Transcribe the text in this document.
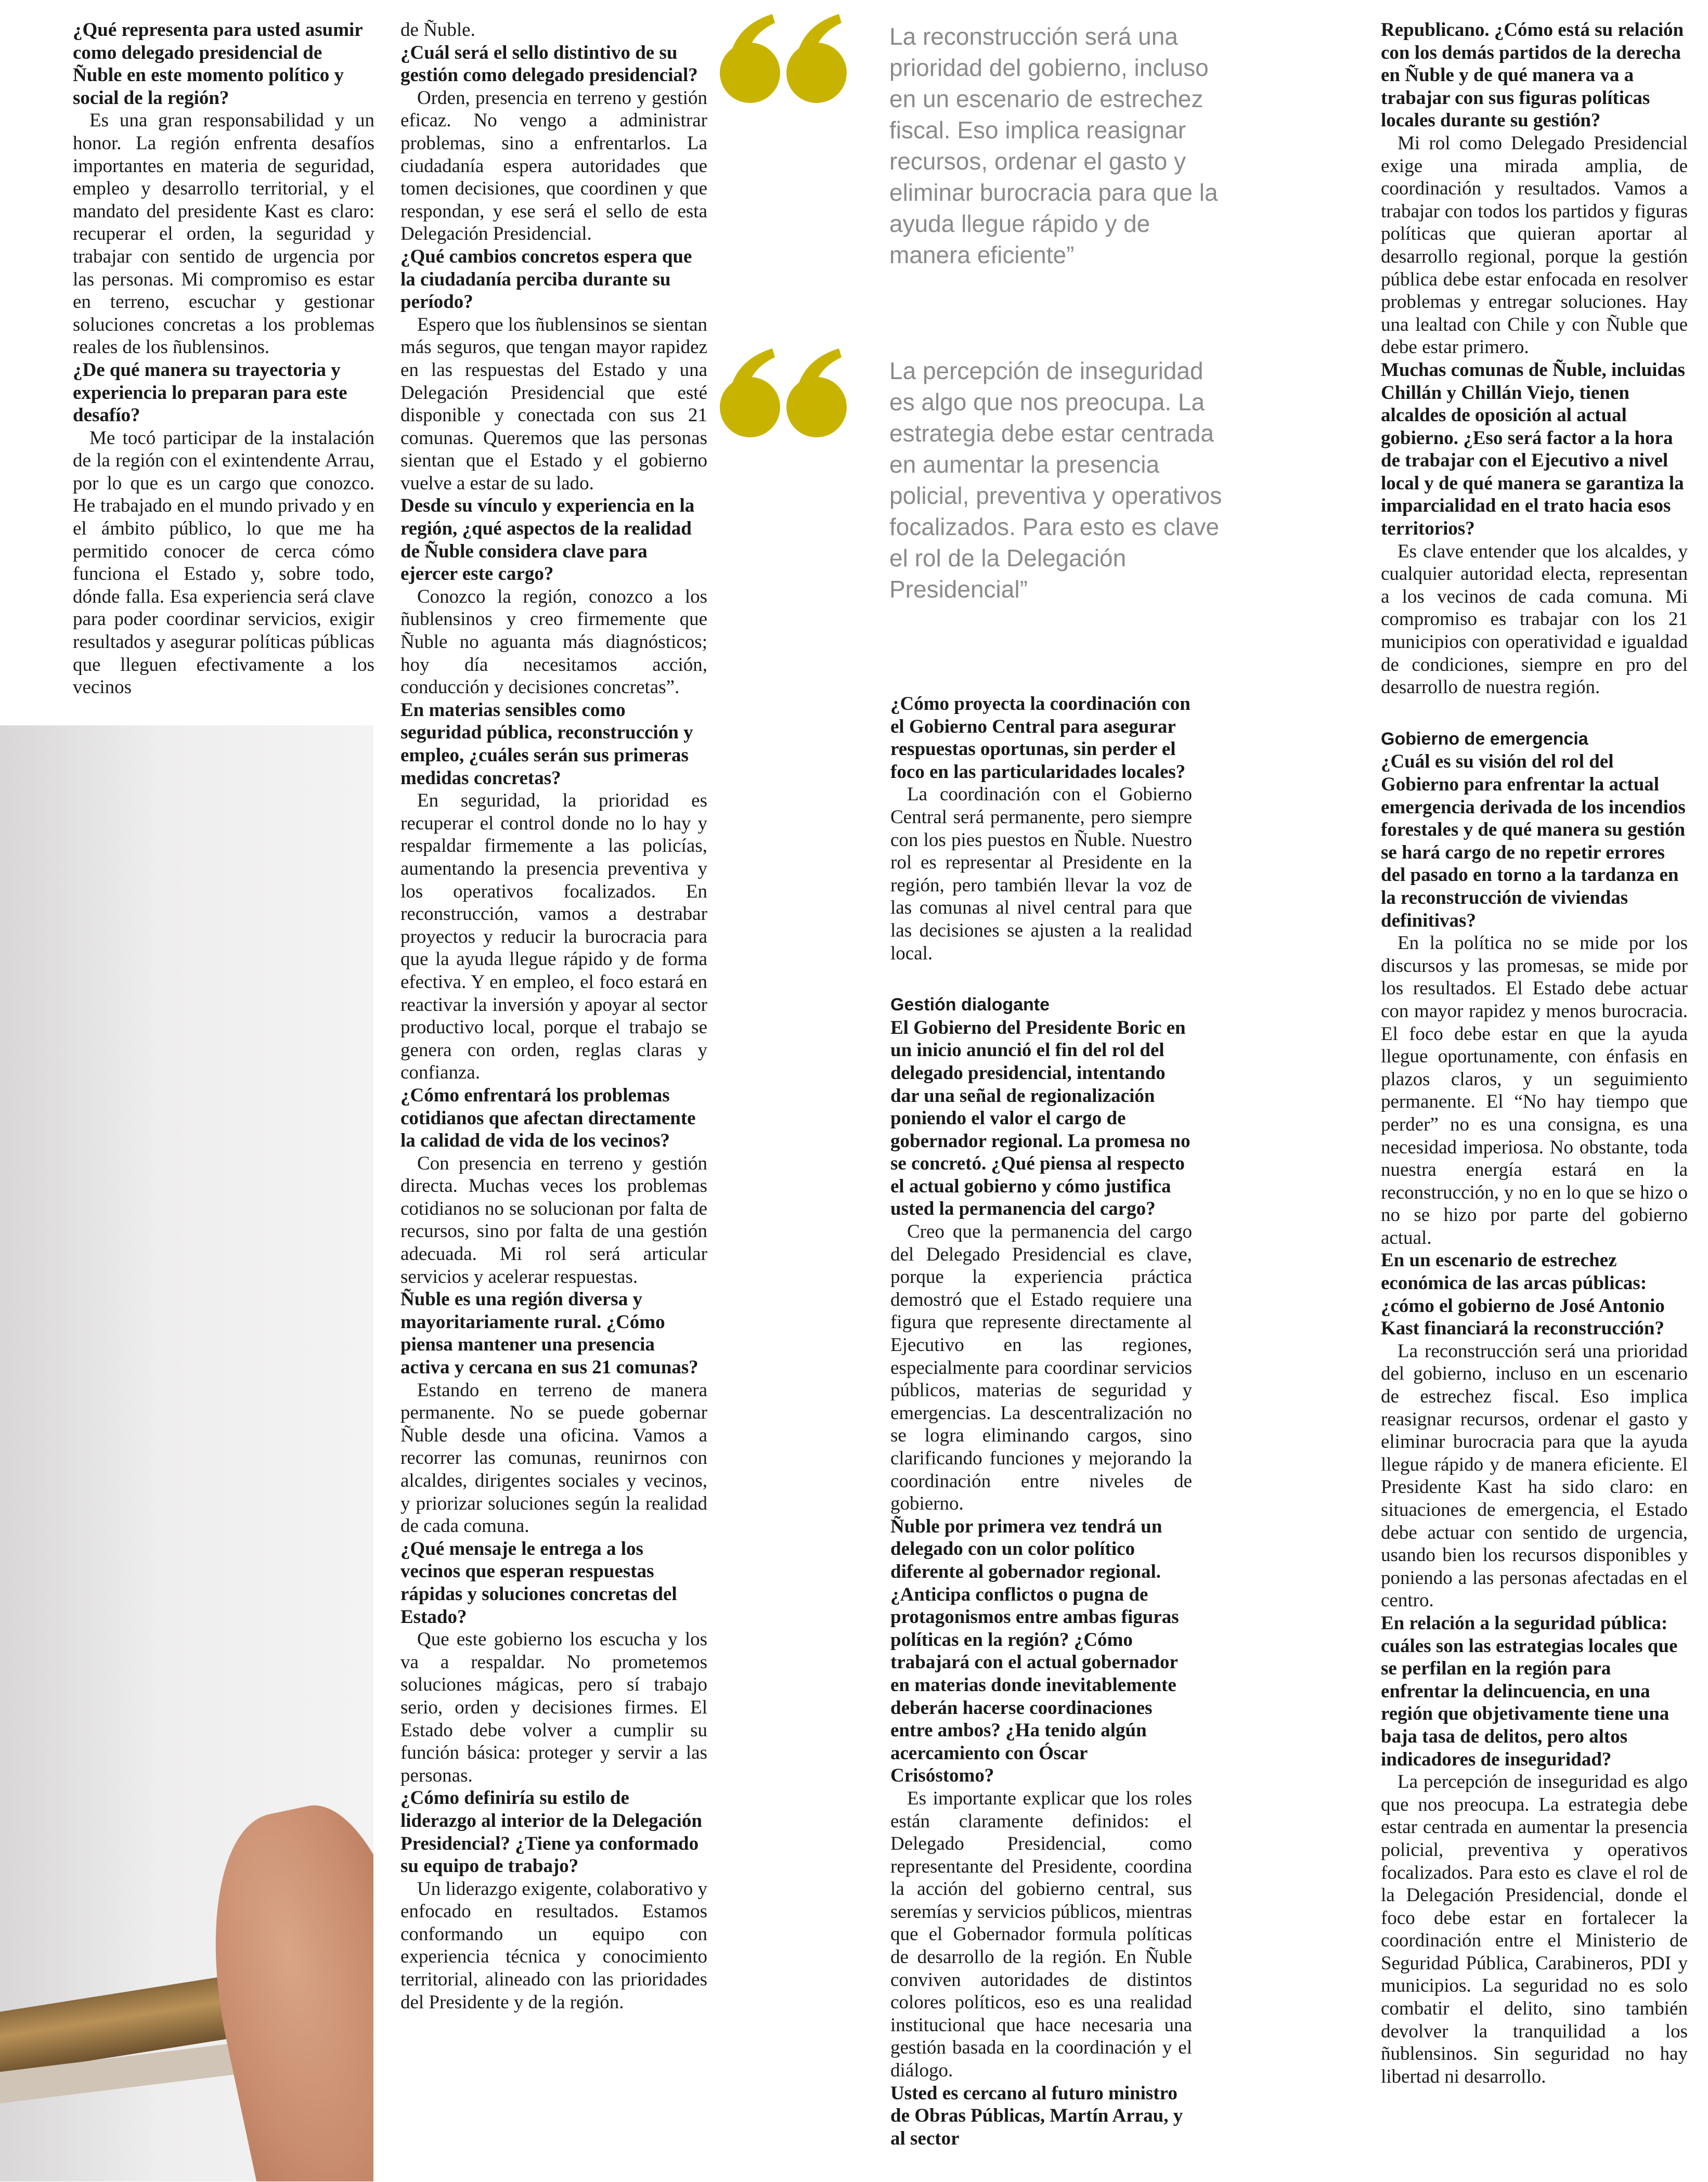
La reconstrucción será una prioridad del gobierno, incluso en un escenario de estrechez fiscal. Eso implica reasignar recursos, ordenar el gasto y eliminar burocracia para que la ayuda llegue rápido y de manera eficiente”
La percepción de inseguridad es algo que nos preocupa. La estrategia debe estar centrada en aumentar la presencia policial, preventiva y operativos focalizados. Para esto es clave el rol de la Delegación Presidencial”

¿Qué representa para usted asumir como delegado presidencial de Ñuble en este momento político y social de la región?

Es una gran responsabilidad y un honor. La región enfrenta desafíos importantes en materia de seguridad, empleo y desarrollo territorial, y el mandato del presidente Kast es claro: recuperar el orden, la seguridad y trabajar con sentido de urgencia por las personas. Mi compromiso es estar en terreno, escuchar y gestionar soluciones concretas a los problemas reales de los ñublensinos.

¿De qué manera su trayectoria y experiencia lo preparan para este desafío?

Me tocó participar de la instalación de la región con el exintendente Arrau, por lo que es un cargo que conozco. He trabajado en el mundo privado y en el ámbito público, lo que me ha permitido conocer de cerca cómo funciona el Estado y, sobre todo, dónde falla. Esa experiencia será clave para poder coordinar servicios, exigir resultados y asegurar políticas públicas que lleguen efectivamente a los vecinos

de Ñuble.

¿Cuál será el sello distintivo de su gestión como delegado presidencial?

Orden, presencia en terreno y gestión eficaz. No vengo a administrar problemas, sino a enfrentarlos. La ciudadanía espera autoridades que tomen decisiones, que coordinen y que respondan, y ese será el sello de esta Delegación Presidencial.

¿Qué cambios concretos espera que la ciudadanía perciba durante su período?

Espero que los ñublensinos se sientan más seguros, que tengan mayor rapidez en las respuestas del Estado y una Delegación Presidencial que esté disponible y conectada con sus 21 comunas. Queremos que las personas sientan que el Estado y el gobierno vuelve a estar de su lado.

Desde su vínculo y experiencia en la región, ¿qué aspectos de la realidad de Ñuble considera clave para ejercer este cargo?

Conozco la región, conozco a los ñublensinos y creo firmemente que Ñuble no aguanta más diagnósticos; hoy día necesitamos acción, conducción y decisiones concretas”.

En materias sensibles como seguridad pública, reconstrucción y empleo, ¿cuáles serán sus primeras medidas concretas?

En seguridad, la prioridad es recuperar el control donde no lo hay y respaldar firmemente a las policías, aumentando la presencia preventiva y los operativos focalizados. En reconstrucción, vamos a destrabar proyectos y reducir la burocracia para que la ayuda llegue rápido y de forma efectiva. Y en empleo, el foco estará en reactivar la inversión y apoyar al sector productivo local, porque el trabajo se genera con orden, reglas claras y confianza.

¿Cómo enfrentará los problemas cotidianos que afectan directamente la calidad de vida de los vecinos?

Con presencia en terreno y gestión directa. Muchas veces los problemas cotidianos no se solucionan por falta de recursos, sino por falta de una gestión adecuada. Mi rol será articular servicios y acelerar respuestas.

Ñuble es una región diversa y mayoritariamente rural. ¿Cómo piensa mantener una presencia activa y cercana en sus 21 comunas?

Estando en terreno de manera permanente. No se puede gobernar Ñuble desde una oficina. Vamos a recorrer las comunas, reunirnos con alcaldes, dirigentes sociales y vecinos, y priorizar soluciones según la realidad de cada comuna.

¿Qué mensaje le entrega a los vecinos que esperan respuestas rápidas y soluciones concretas del Estado?

Que este gobierno los escucha y los va a respaldar. No prometemos soluciones mágicas, pero sí trabajo serio, orden y decisiones firmes. El Estado debe volver a cumplir su función básica: proteger y servir a las personas.

¿Cómo definiría su estilo de liderazgo al interior de la Delegación Presidencial? ¿Tiene ya conformado su equipo de trabajo?

Un liderazgo exigente, colaborativo y enfocado en resultados. Estamos conformando un equipo con experiencia técnica y conocimiento territorial, alineado con las prioridades del Presidente y de la región.

¿Cómo proyecta la coordinación con el Gobierno Central para asegurar respuestas oportunas, sin perder el foco en las particularidades locales?

La coordinación con el Gobierno Central será permanente, pero siempre con los pies puestos en Ñuble. Nuestro rol es representar al Presidente en la región, pero también llevar la voz de las comunas al nivel central para que las decisiones se ajusten a la realidad local.

Gestión dialogante

El Gobierno del Presidente Boric en un inicio anunció el fin del rol del delegado presidencial, intentando dar una señal de regionalización poniendo el valor el cargo de gobernador regional. La promesa no se concretó. ¿Qué piensa al respecto el actual gobierno y cómo justifica usted la permanencia del cargo?

Creo que la permanencia del cargo del Delegado Presidencial es clave, porque la experiencia práctica demostró que el Estado requiere una figura que represente directamente al Ejecutivo en las regiones, especialmente para coordinar servicios públicos, materias de seguridad y emergencias. La descentralización no se logra eliminando cargos, sino clarificando funciones y mejorando la coordinación entre niveles de gobierno.

Ñuble por primera vez tendrá un delegado con un color político diferente al gobernador regional. ¿Anticipa conflictos o pugna de protagonismos entre ambas figuras políticas en la región? ¿Cómo trabajará con el actual gobernador en materias donde inevitablemente deberán hacerse coordinaciones entre ambos? ¿Ha tenido algún acercamiento con Óscar Crisóstomo?

Es importante explicar que los roles están claramente definidos: el Delegado Presidencial, como representante del Presidente, coordina la acción del gobierno central, sus seremías y servicios públicos, mientras que el Gobernador formula políticas de desarrollo de la región. En Ñuble conviven autoridades de distintos colores políticos, eso es una realidad institucional que hace necesaria una gestión basada en la coordinación y el diálogo.

Usted es cercano al futuro ministro de Obras Públicas, Martín Arrau, y al sector

Republicano. ¿Cómo está su relación con los demás partidos de la derecha en Ñuble y de qué manera va a trabajar con sus figuras políticas locales durante su gestión?

Mi rol como Delegado Presidencial exige una mirada amplia, de coordinación y resultados. Vamos a trabajar con todos los partidos y figuras políticas que quieran aportar al desarrollo regional, porque la gestión pública debe estar enfocada en resolver problemas y entregar soluciones. Hay una lealtad con Chile y con Ñuble que debe estar primero.

Muchas comunas de Ñuble, incluidas Chillán y Chillán Viejo, tienen alcaldes de oposición al actual gobierno. ¿Eso será factor a la hora de trabajar con el Ejecutivo a nivel local y de qué manera se garantiza la imparcialidad en el trato hacia esos territorios?

Es clave entender que los alcaldes, y cualquier autoridad electa, representan a los vecinos de cada comuna. Mi compromiso es trabajar con los 21 municipios con operatividad e igualdad de condiciones, siempre en pro del desarrollo de nuestra región.

Gobierno de emergencia

¿Cuál es su visión del rol del Gobierno para enfrentar la actual emergencia derivada de los incendios forestales y de qué manera su gestión se hará cargo de no repetir errores del pasado en torno a la tardanza en la reconstrucción de viviendas definitivas?

En la política no se mide por los discursos y las promesas, se mide por los resultados. El Estado debe actuar con mayor rapidez y menos burocracia. El foco debe estar en que la ayuda llegue oportunamente, con énfasis en plazos claros, y un seguimiento permanente. El “No hay tiempo que perder” no es una consigna, es una necesidad imperiosa. No obstante, toda nuestra energía estará en la reconstrucción, y no en lo que se hizo o no se hizo por parte del gobierno actual.

En un escenario de estrechez económica de las arcas públicas: ¿cómo el gobierno de José Antonio Kast financiará la reconstrucción?

La reconstrucción será una prioridad del gobierno, incluso en un escenario de estrechez fiscal. Eso implica reasignar recursos, ordenar el gasto y eliminar burocracia para que la ayuda llegue rápido y de manera eficiente. El Presidente Kast ha sido claro: en situaciones de emergencia, el Estado debe actuar con sentido de urgencia, usando bien los recursos disponibles y poniendo a las personas afectadas en el centro.

En relación a la seguridad pública: cuáles son las estrategias locales que se perfilan en la región para enfrentar la delincuencia, en una región que objetivamente tiene una baja tasa de delitos, pero altos indicadores de inseguridad?

La percepción de inseguridad es algo que nos preocupa. La estrategia debe estar centrada en aumentar la presencia policial, preventiva y operativos focalizados. Para esto es clave el rol de la Delegación Presidencial, donde el foco debe estar en fortalecer la coordinación entre el Ministerio de Seguridad Pública, Carabineros, PDI y municipios. La seguridad no es solo combatir el delito, sino también devolver la tranquilidad a los ñublensinos. Sin seguridad no hay libertad ni desarrollo.
